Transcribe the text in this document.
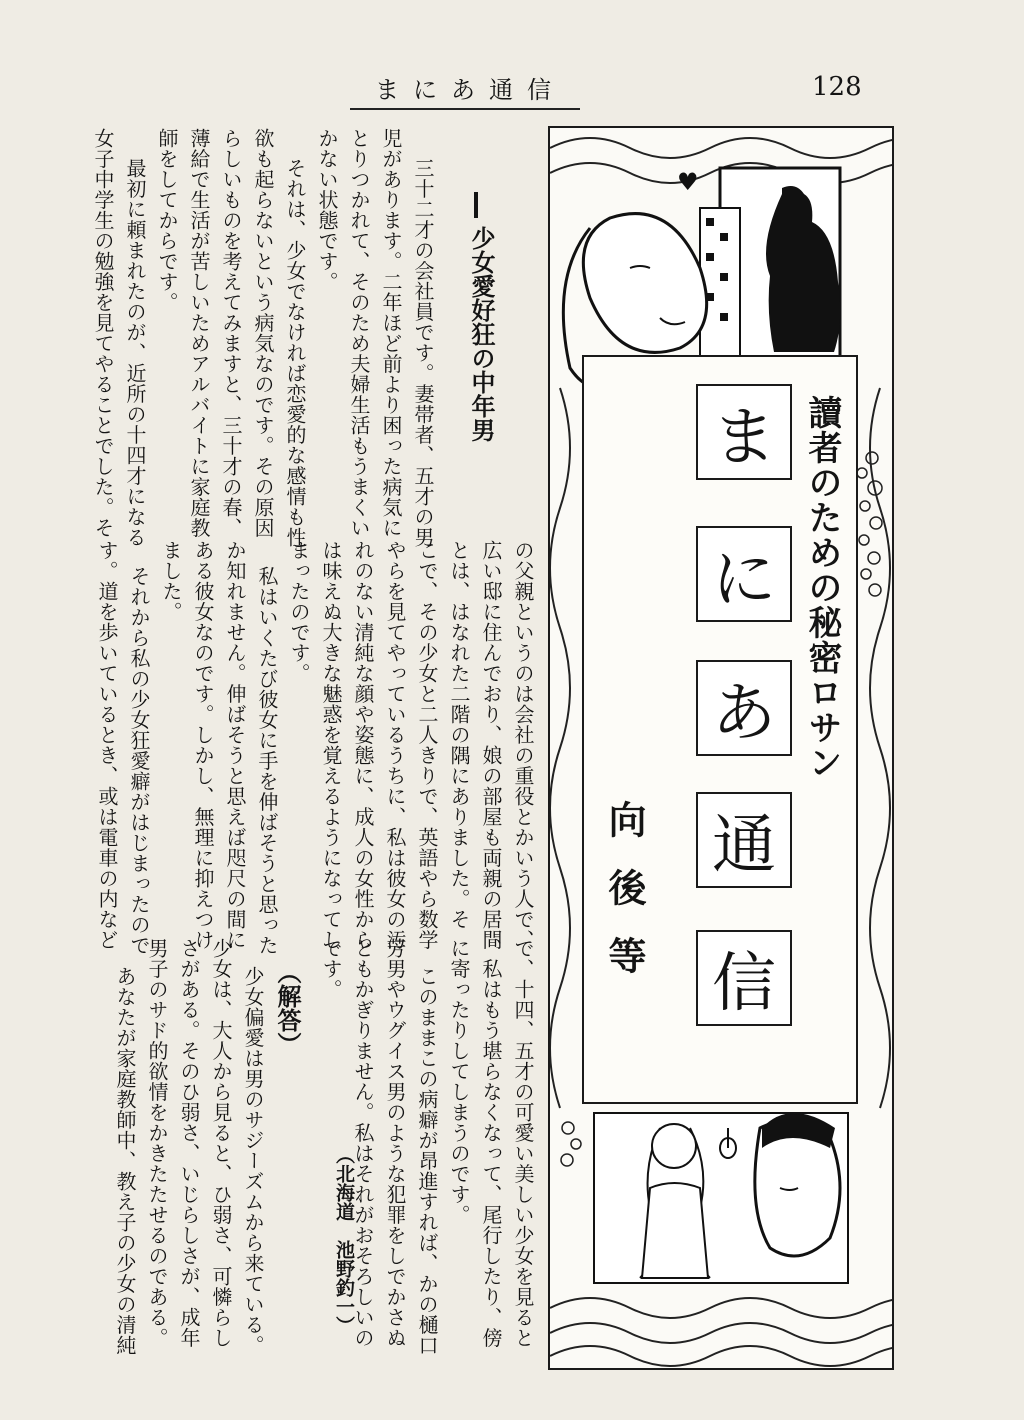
まにあ通信	128
♥
讀者のための秘密ロサン
ま
に
あ
通
信
向後等
少女愛好狂の中年男
三十二才の会社員です。妻帯者、五才の男
児があります。二年ほど前より困った病気に
とりつかれて、そのため夫婦生活もうまくい
かない状態です。
それは、少女でなければ恋愛的な感情も性
欲も起らないという病気なのです。その原因
らしいものを考えてみますと、三十才の春、
薄給で生活が苦しいためアルバイトに家庭教
師をしてからです。
最初に頼まれたのが、近所の十四才になる
女子中学生の勉強を見てやることでした。そ
の父親というのは会社の重役とかいう人で、
広い邸に住んでおり、娘の部屋も両親の居間
とは、はなれた二階の隅にありました。そ
こで、その少女と二人きりで、英語やら数学
やらを見てやっているうちに、私は彼女の汚
れのない清純な顔や姿態に、成人の女性から
は味えぬ大きな魅惑を覚えるようになってし
まったのです。
私はいくたび彼女に手を伸ばそうと思った
か知れません。伸ばそうと思えば咫尺の間に
ある彼女なのです。しかし、無理に抑えつけ
ました。
それから私の少女狂愛癖がはじまったので
す。道を歩いているとき、或は電車の内など
で、十四、五才の可愛い美しい少女を見ると
、私はもう堪らなくなって、尾行したり、傍
に寄ったりしてしまうのです。
このままこの病癖が昂進すれば、かの樋口
芳男やウグイス男のような犯罪をしでかさぬ
ともかぎりません。私はそれがおそろしいの
です。
（北海道　池野釣一）
（解答）
少女偏愛は男のサジーズムから来ている。
少女は、大人から見ると、ひ弱さ、可憐らし
さがある。そのひ弱さ、いじらしさが、成年
男子のサド的欲情をかきたたせるのである。
あなたが家庭教師中、教え子の少女の清純
